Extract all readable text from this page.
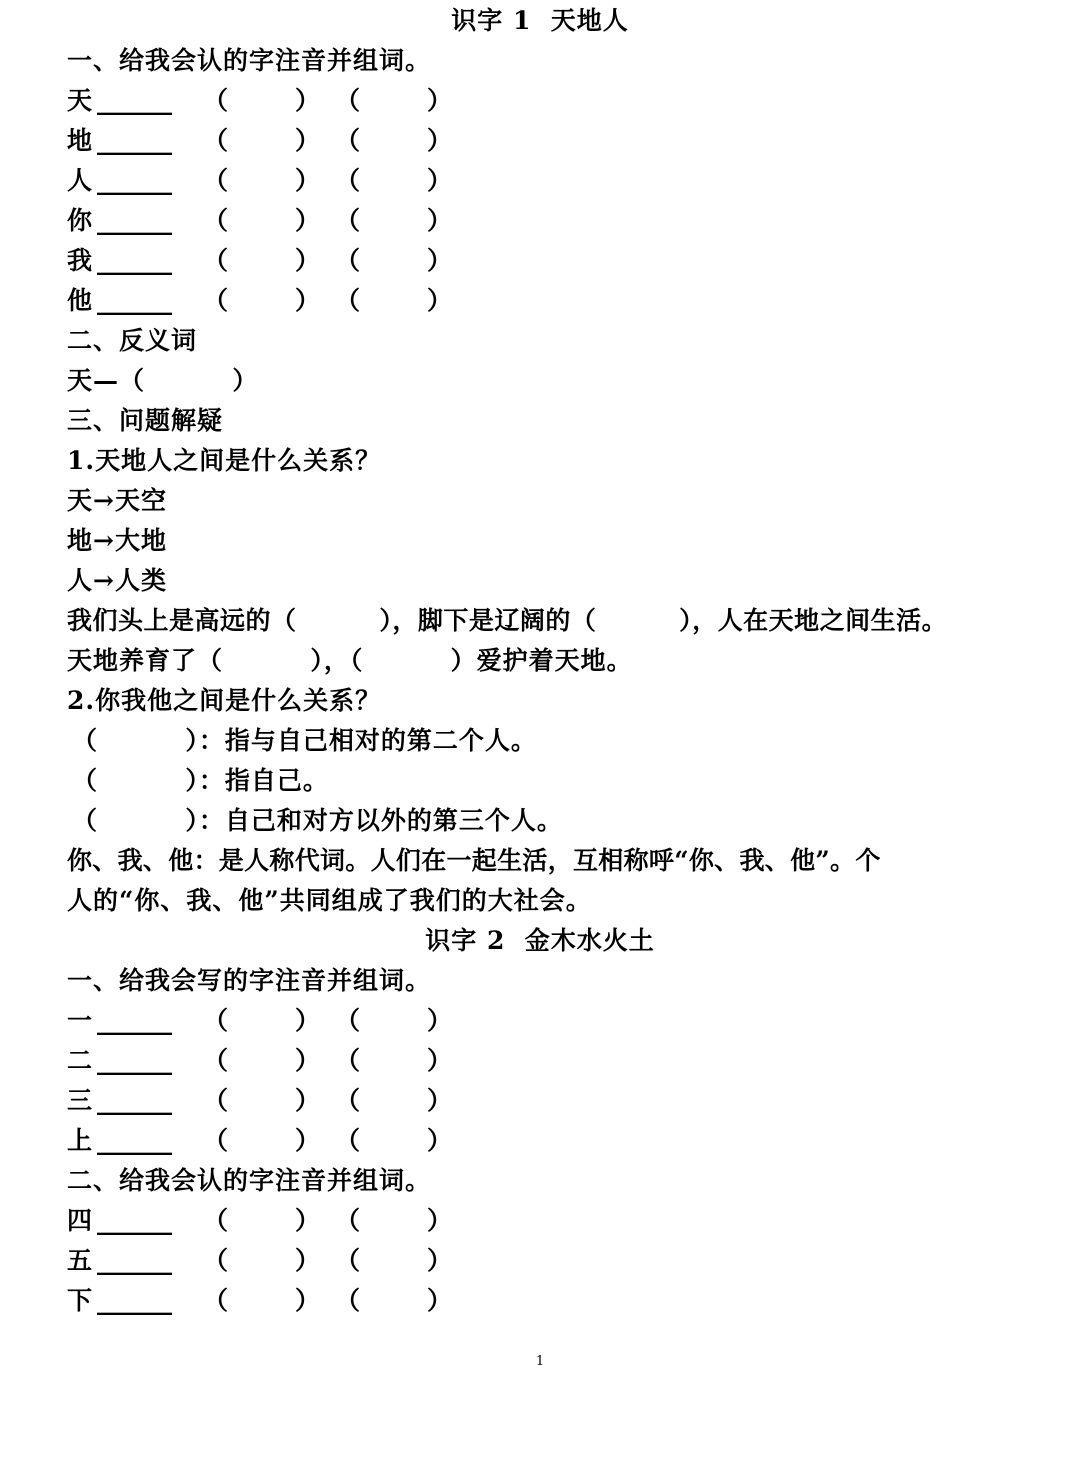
识字 1  天地人
一、给我会认的字注音并组词。
天 ______ （	） （	）
地 ______ （	） （	）
人 ______ （	） （	）
你 ______ （	） （	）
我 ______ （	） （	）
他 ______ （	） （	）
二、反义词
天—（         ）
三、问题解疑
1.天地人之间是什么关系？
天→天空
地→大地
人→人类
我们头上是高远的（         ），脚下是辽阔的（         ），人在天地之间生活。
天地养育了（         ），（         ）爱护着天地。
2.你我他之间是什么关系？
（         ）：指与自己相对的第二个人。
（         ）：指自己。
（         ）：自己和对方以外的第三个人。
你、我、他：是人称代词。人们在一起生活，互相称呼“你、我、他”。个
人的“你、我、他”共同组成了我们的大社会。
识字 2  金木水火土
一、给我会写的字注音并组词。
一 ______ （	） （	）
二 ______ （	） （	）
三 ______ （	） （	）
上 ______ （	） （	）
二、给我会认的字注音并组词。
四 ______ （	） （	）
五 ______ （	） （	）
下 ______ （	） （	）
1
